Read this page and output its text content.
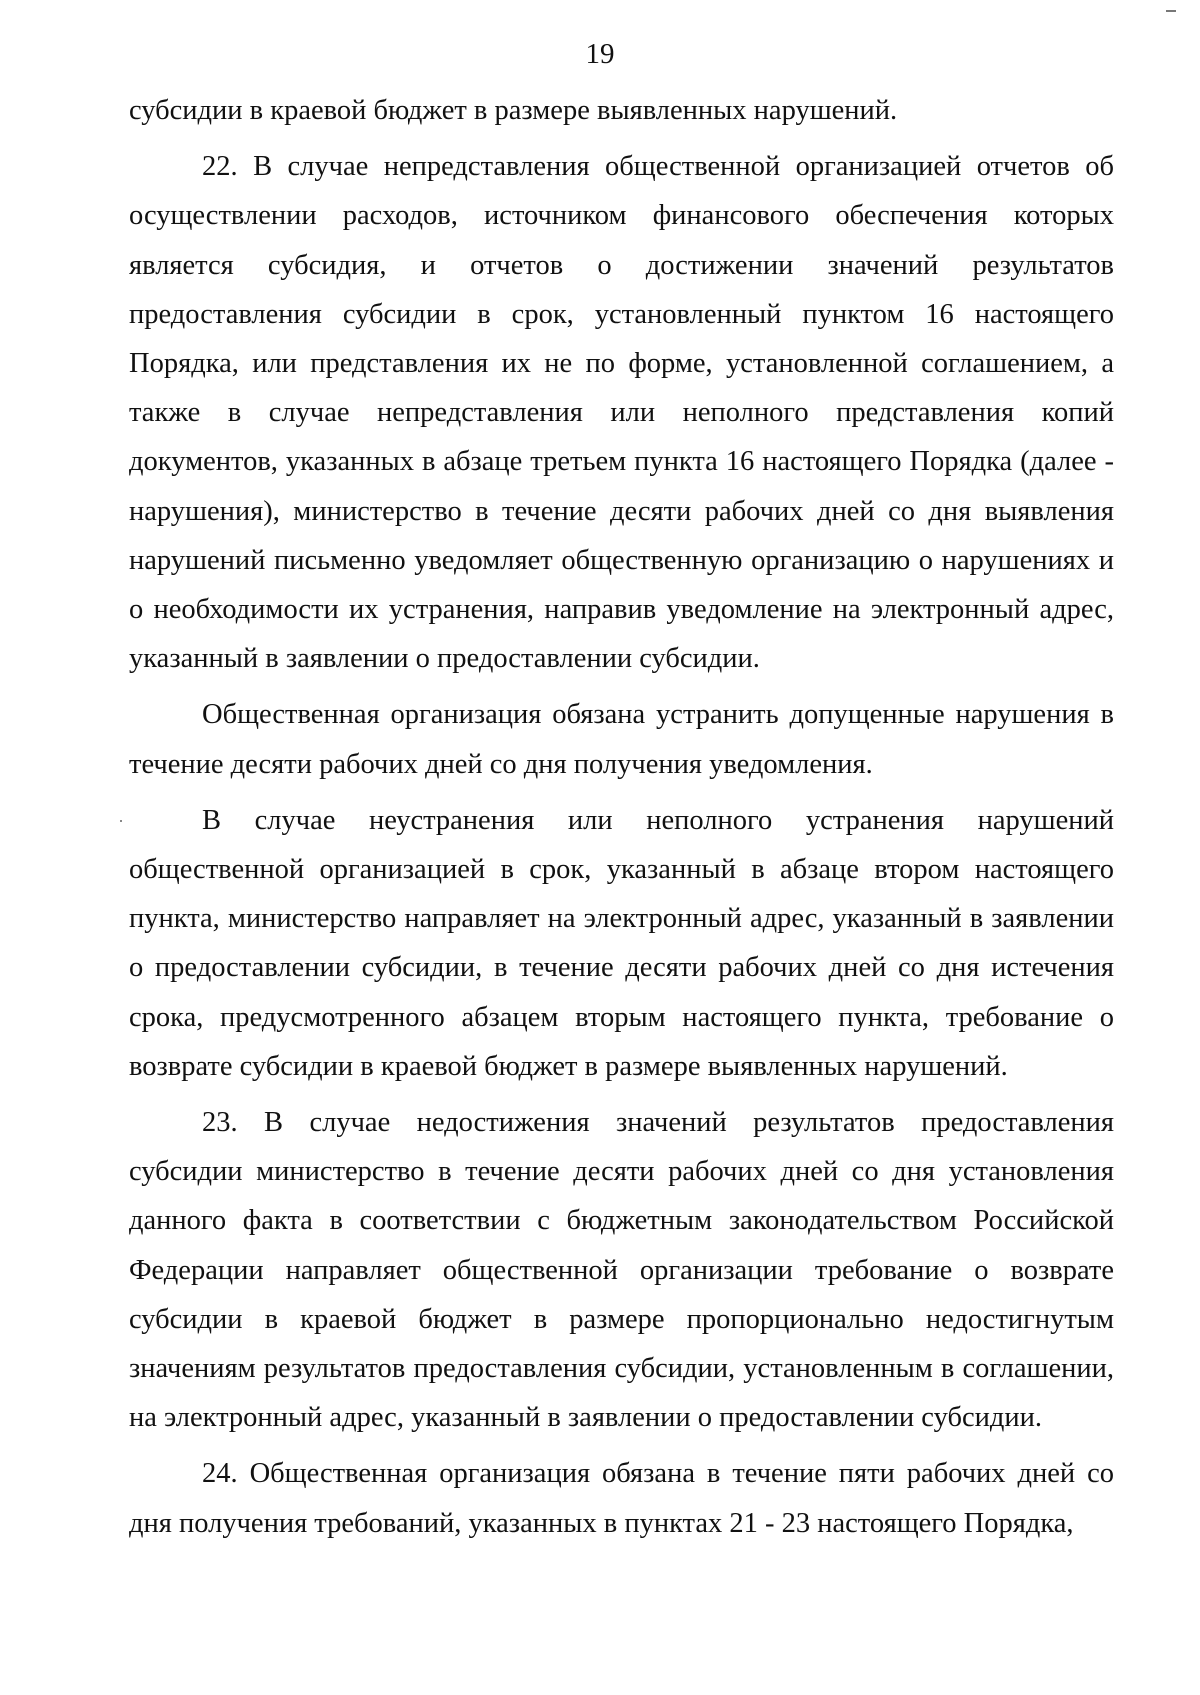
19

субсидии в краевой бюджет в размере выявленных нарушений.

22. В случае непредставления общественной организацией отчетов об осуществлении расходов, источником финансового обеспечения которых является субсидия, и отчетов о достижении значений результатов предоставления субсидии в срок, установленный пунктом 16 настоящего Порядка, или представления их не по форме, установленной соглашением, а также в случае непредставления или неполного представления копий документов, указанных в абзаце третьем пункта 16 настоящего Порядка (далее - нарушения), министерство в течение десяти рабочих дней со дня выявления нарушений письменно уведомляет общественную организацию о нарушениях и о необходимости их устранения, направив уведомление на электронный адрес, указанный в заявлении о предоставлении субсидии.

Общественная организация обязана устранить допущенные нарушения в течение десяти рабочих дней со дня получения уведомления.

В случае неустранения или неполного устранения нарушений общественной организацией в срок, указанный в абзаце втором настоящего пункта, министерство направляет на электронный адрес, указанный в заявлении о предоставлении субсидии, в течение десяти рабочих дней со дня истечения срока, предусмотренного абзацем вторым настоящего пункта, требование о возврате субсидии в краевой бюджет в размере выявленных нарушений.

23. В случае недостижения значений результатов предоставления субсидии министерство в течение десяти рабочих дней со дня установления данного факта в соответствии с бюджетным законодательством Российской Федерации направляет общественной организации требование о возврате субсидии в краевой бюджет в размере пропорционально недостигнутым значениям результатов предоставления субсидии, установленным в соглашении, на электронный адрес, указанный в заявлении о предоставлении субсидии.

24. Общественная организация обязана в течение пяти рабочих дней со дня получения требований, указанных в пунктах 21 - 23 настоящего Порядка,
